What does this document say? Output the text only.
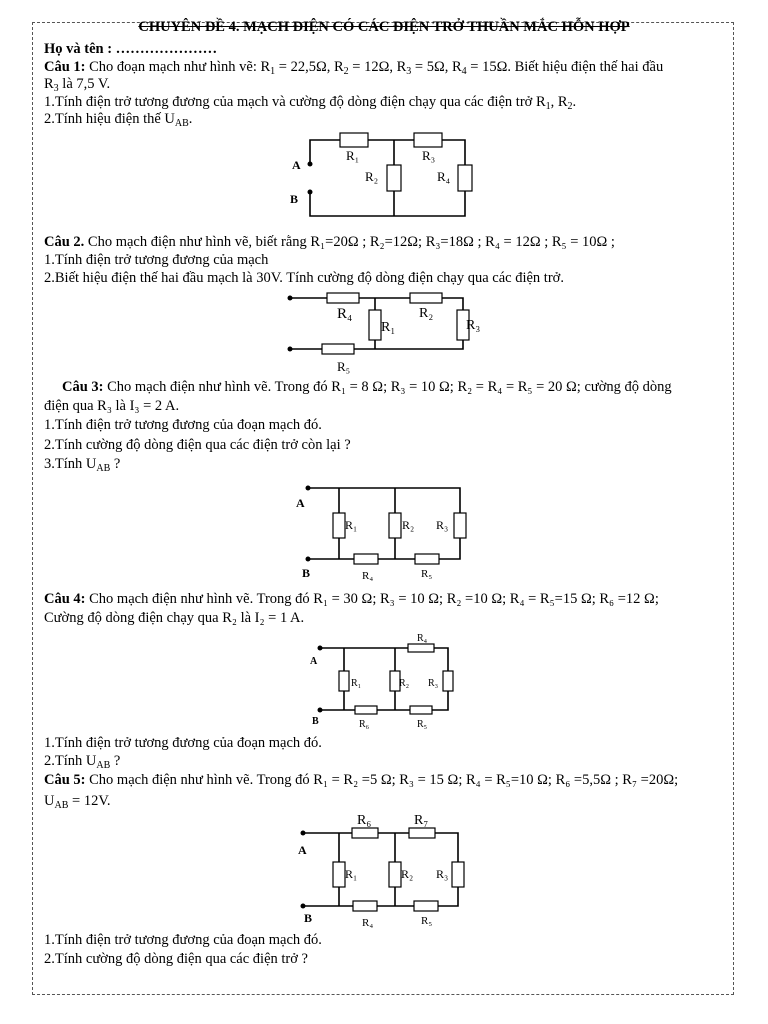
CHUYÊN ĐỀ 4. MẠCH ĐIỆN CÓ CÁC ĐIỆN TRỞ THUẦN MẮC HỖN HỢP
Họ và tên : …………………
Câu 1: Cho đoạn mạch như hình vẽ: $R_1 = 22,5\Omega$, $R_2 = 12\Omega$, $R_3 = 5\Omega$, $R_4 = 15\Omega$. Biết hiệu điện thế hai đầu
$R_3$ là 7,5 V.
1.Tính điện trở tương đương của mạch và cường độ dòng điện chạy qua các điện trở $R_1$, $R_2$.
2.Tính hiệu điện thế $U_{AB}$.
A
B
R₁	R₃
R₂	R₄
Câu 2. Cho mạch điện như hình vẽ, biết rằng R₁=20Ω ; R₂=12Ω; R₃=18Ω ; R₄ = 12Ω ; R₅ = 10Ω ;
1.Tính điện trở tương đương của mạch
2.Biết hiệu điện thế hai đầu mạch là 30V. Tính cường độ dòng điện chạy qua các điện trở.
R₄	R₂
R₁	R₃
R₅
Câu 3: Cho mạch điện như hình vẽ. Trong đó R₁ = 8 Ω; R₃ = 10 Ω; R₂ = R₄ = R₅ = 20 Ω; cường độ dòng
điện qua R₃ là I₃ = 2 A.
1.Tính điện trở tương đương của đoạn mạch đó.
2.Tính cường độ dòng điện qua các điện trở còn lại ?
3.Tính $U_{AB}$ ?
A
B
R₁	R₂ R₃
R₄	R₅
Câu 4: Cho mạch điện như hình vẽ. Trong đó R₁ = 30 Ω; R₃ = 10 Ω; R₂ =10 Ω; R₄ = R₅=15 Ω; R₆ =12 Ω;
Cường độ dòng điện chạy qua R₂ là I₂ = 1 A.
A
B
R₄
R₁	R₂ R₃
R₆	R₅
1.Tính điện trở tương đương của đoạn mạch đó.
2.Tính $U_{AB}$ ?
Câu 5: Cho mạch điện như hình vẽ. Trong đó R₁ = R₂ =5 Ω; R₃ = 15 Ω; R₄ = R₅=10 Ω; R₆ =5,5Ω ; R₇ =20Ω;
$U_{AB} = 12V$.
A
B
R₆	R₇
R₁	R₂ R₃
R₄	R₅
1.Tính điện trở tương đương của đoạn mạch đó.
2.Tính cường độ dòng điện qua các điện trở ?
